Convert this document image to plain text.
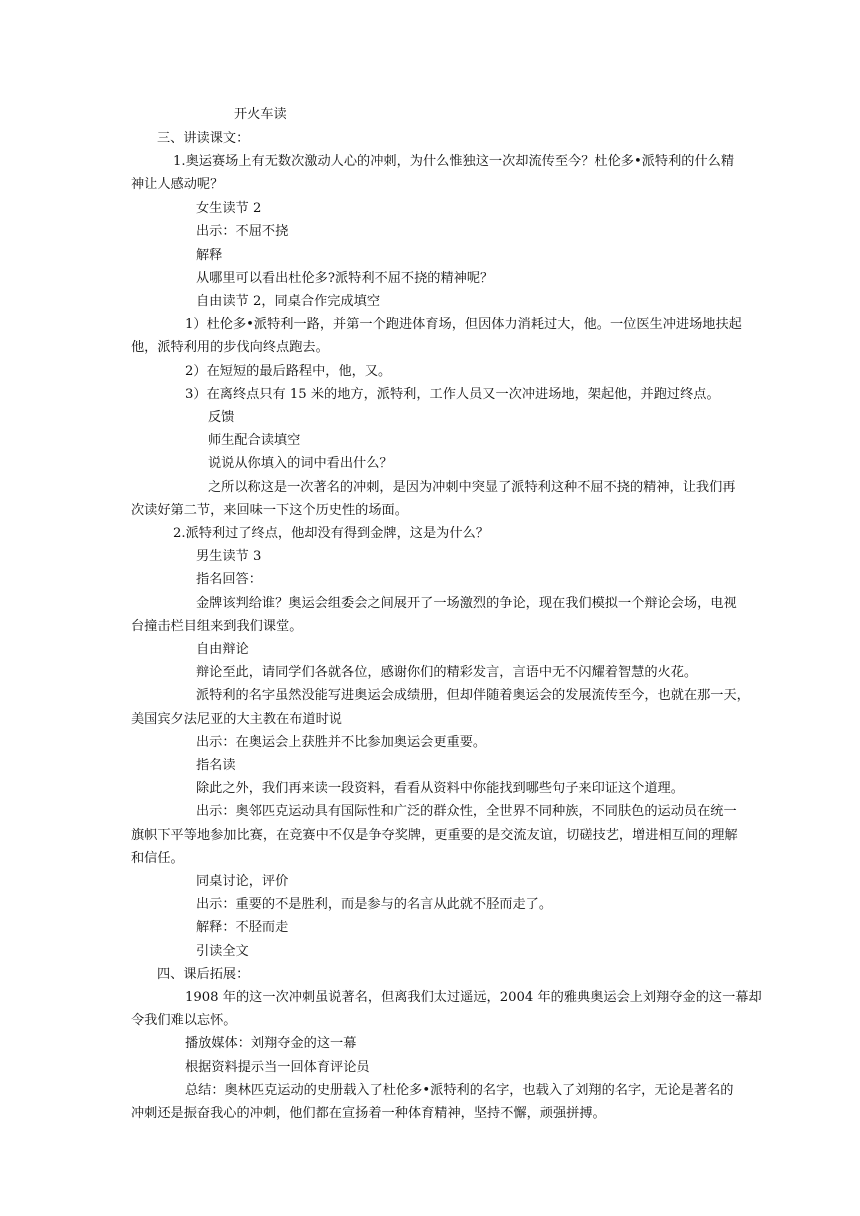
开火车读

三、讲读课文：

1.奥运赛场上有无数次激动人心的冲刺，为什么惟独这一次却流传至今？杜伦多•派特利的什么精

神让人感动呢？

女生读节 2

出示：不屈不挠

解释

从哪里可以看出杜伦多?派特利不屈不挠的精神呢？

自由读节 2，同桌合作完成填空

1）杜伦多•派特利一路，并第一个跑进体育场，但因体力消耗过大，他。一位医生冲进场地扶起

他，派特利用的步伐向终点跑去。

2）在短短的最后路程中，他，又。

3）在离终点只有 15 米的地方，派特利，工作人员又一次冲进场地，架起他，并跑过终点。

反馈

师生配合读填空

说说从你填入的词中看出什么？

之所以称这是一次著名的冲刺，是因为冲刺中突显了派特利这种不屈不挠的精神，让我们再

次读好第二节，来回味一下这个历史性的场面。

2.派特利过了终点，他却没有得到金牌，这是为什么？

男生读节 3

指名回答：

金牌该判给谁？奥运会组委会之间展开了一场激烈的争论，现在我们模拟一个辩论会场，电视

台撞击栏目组来到我们课堂。

自由辩论

辩论至此，请同学们各就各位，感谢你们的精彩发言，言语中无不闪耀着智慧的火花。

派特利的名字虽然没能写进奥运会成绩册，但却伴随着奥运会的发展流传至今，也就在那一天，

美国宾夕法尼亚的大主教在布道时说

出示：在奥运会上获胜并不比参加奥运会更重要。

指名读

除此之外，我们再来读一段资料，看看从资料中你能找到哪些句子来印证这个道理。

出示：奥邻匹克运动具有国际性和广泛的群众性，全世界不同种族，不同肤色的运动员在统一

旗帜下平等地参加比赛，在竞赛中不仅是争夺奖牌，更重要的是交流友谊，切磋技艺，增进相互间的理解

和信任。

同桌讨论，评价

出示：重要的不是胜利，而是参与的名言从此就不胫而走了。

解释：不胫而走

引读全文

四、课后拓展：

1908 年的这一次冲刺虽说著名，但离我们太过遥远，2004 年的雅典奥运会上刘翔夺金的这一幕却

令我们难以忘怀。

播放媒体：刘翔夺金的这一幕

根据资料提示当一回体育评论员

总结：奥林匹克运动的史册载入了杜伦多•派特利的名字，也载入了刘翔的名字，无论是著名的

冲刺还是振奋我心的冲刺，他们都在宣扬着一种体育精神，坚持不懈，顽强拼搏。
